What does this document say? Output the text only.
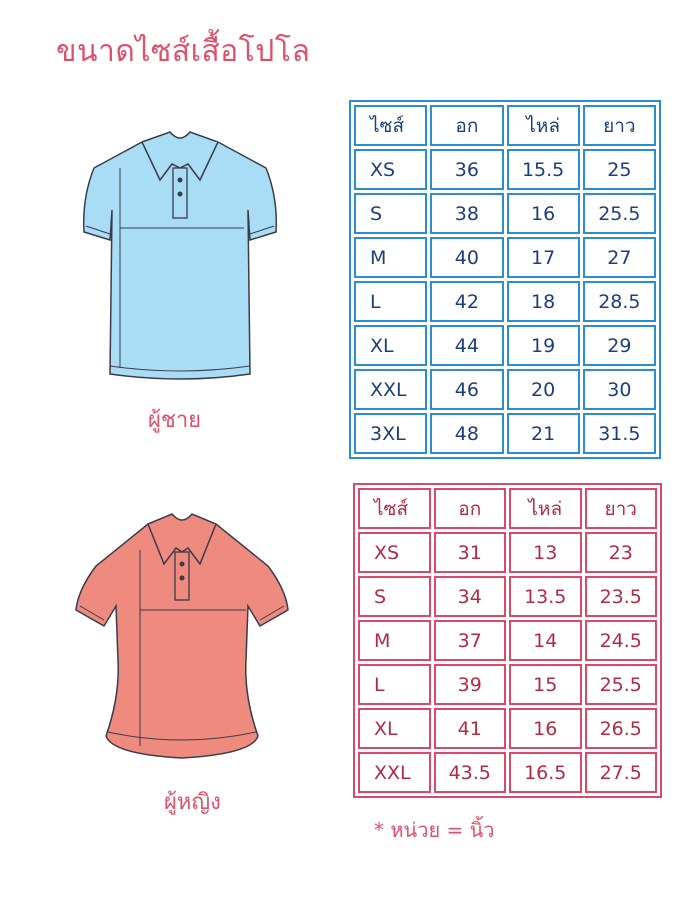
ขนาดไซส์เสื้อโปโล
ผู้ชาย
ไซส์	อก	ไหล่	ยาว
XS	36	15.5	25
S	38	16	25.5
M	40	17	27
L	42	18	28.5
XL	44	19	29
XXL	46	20	30
3XL	48	21	31.5
ผู้หญิง
ไซส์	อก	ไหล่	ยาว
XS	31	13	23
S	34	13.5	23.5
M	37	14	24.5
L	39	15	25.5
XL	41	16	26.5
XXL	43.5	16.5	27.5
* หน่วย = นิ้ว
